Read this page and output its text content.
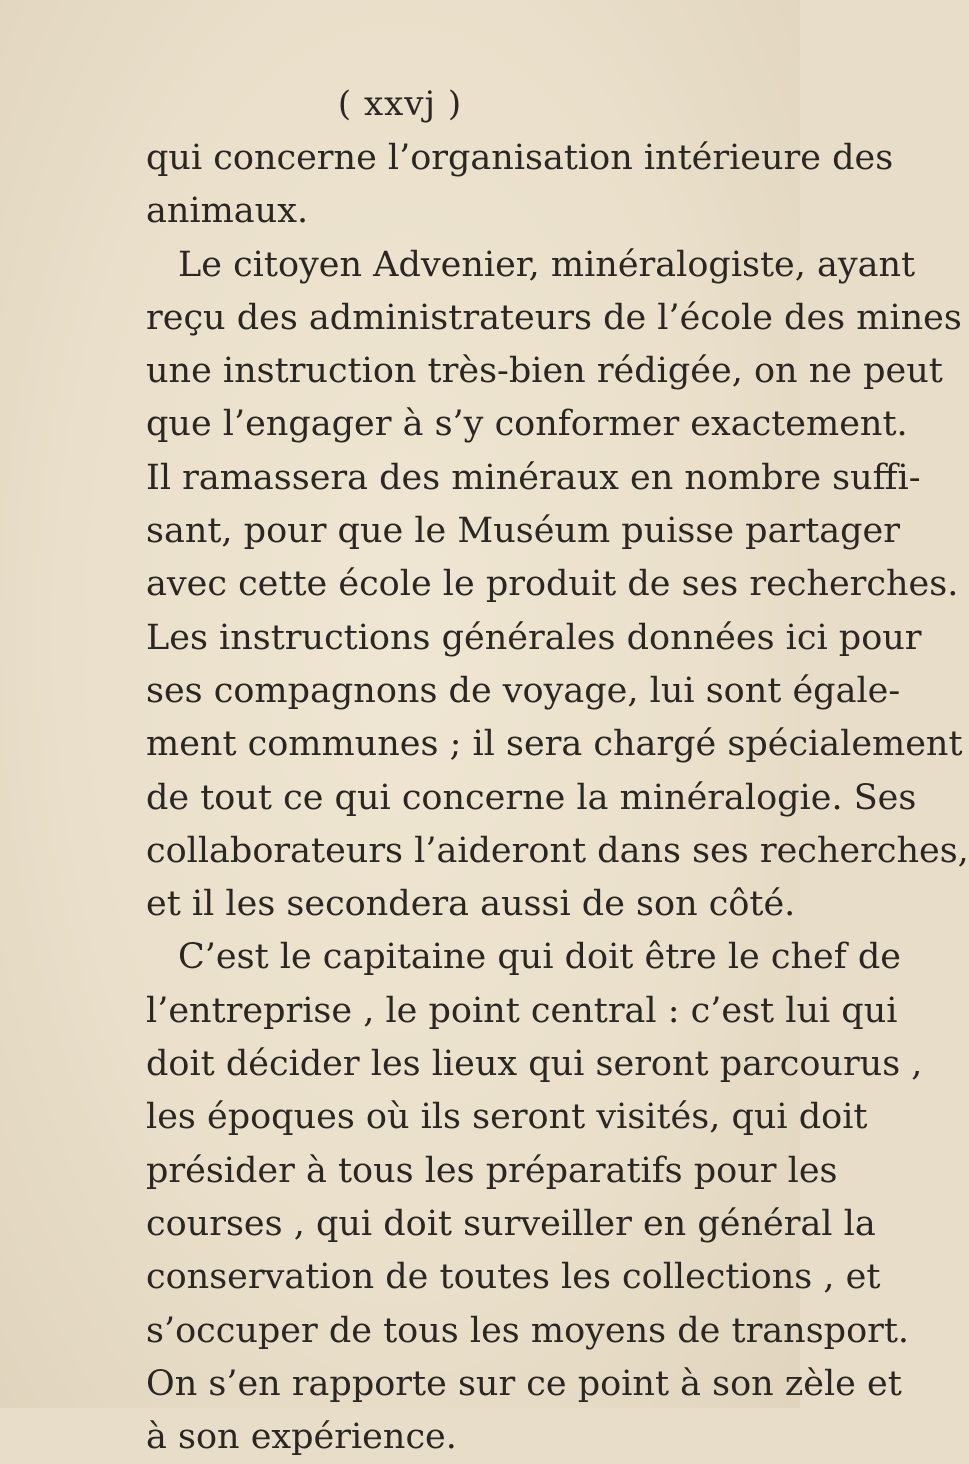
( xxvj )
qui concerne l’organisation intérieure des
animaux.
Le citoyen Advenier, minéralogiste, ayant
reçu des administrateurs de l’école des mines
une instruction très-bien rédigée, on ne peut
que l’engager à s’y conformer exactement.
Il ramassera des minéraux en nombre suffi-
sant, pour que le Muséum puisse partager
avec cette école le produit de ses recherches.
Les instructions générales données ici pour
ses compagnons de voyage, lui sont égale-
ment communes ; il sera chargé spécialement
de tout ce qui concerne la minéralogie. Ses
collaborateurs l’aideront dans ses recherches,
et il les secondera aussi de son côté.
C’est le capitaine qui doit être le chef de
l’entreprise , le point central : c’est lui qui
doit décider les lieux qui seront parcourus ,
les époques où ils seront visités, qui doit
présider à tous les préparatifs pour les
courses , qui doit surveiller en général la
conservation de toutes les collections , et
s’occuper de tous les moyens de transport.
On s’en rapporte sur ce point à son zèle et
à son expérience.
